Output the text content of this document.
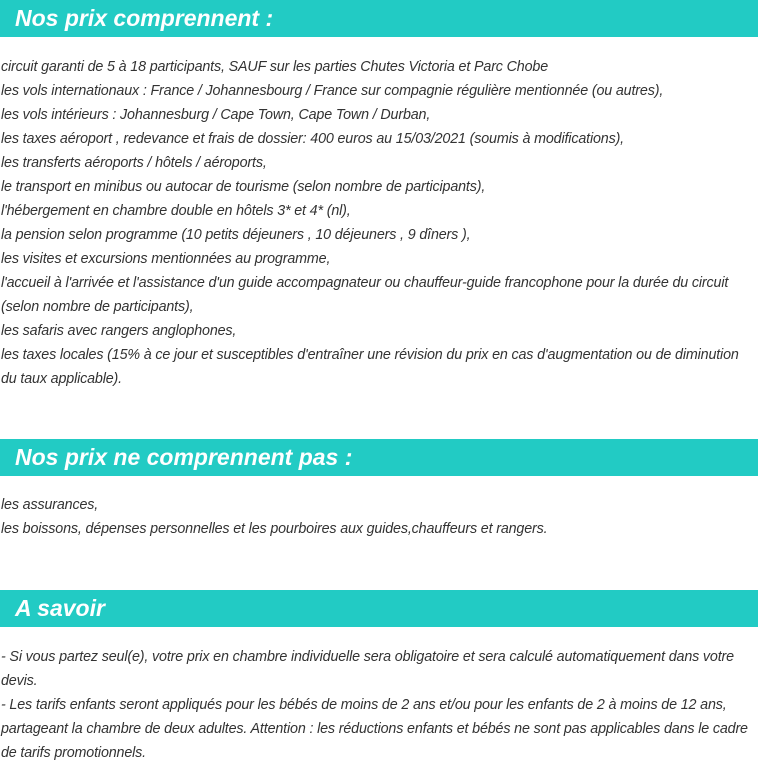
Nos prix comprennent :
circuit garanti de 5 à 18 participants, SAUF sur les parties Chutes Victoria et Parc Chobe
les vols internationaux : France / Johannesbourg / France sur compagnie régulière mentionnée (ou autres),
les vols intérieurs : Johannesburg / Cape Town, Cape Town / Durban,
les taxes aéroport , redevance et frais de dossier: 400 euros au 15/03/2021 (soumis à modifications),
les transferts aéroports / hôtels / aéroports,
le transport en minibus ou autocar de tourisme (selon nombre de participants),
l'hébergement en chambre double en hôtels 3* et 4* (nl),
la pension selon programme (10 petits déjeuners , 10 déjeuners , 9 dîners ),
les visites et excursions mentionnées au programme,
l'accueil à l'arrivée et l'assistance d'un guide accompagnateur ou chauffeur-guide francophone pour la durée du circuit
(selon nombre de participants),
les safaris avec rangers anglophones,
les taxes locales (15% à ce jour et susceptibles d'entraîner une révision du prix en cas d'augmentation ou de diminution
du taux applicable).
Nos prix ne comprennent pas :
les assurances,
les boissons, dépenses personnelles et les pourboires aux guides,chauffeurs et rangers.
A savoir
- Si vous partez seul(e), votre prix en chambre individuelle sera obligatoire et sera calculé automatiquement dans votre
devis.
- Les tarifs enfants seront appliqués pour les bébés de moins de 2 ans et/ou pour les enfants de 2 à moins de 12 ans,
partageant la chambre de deux adultes. Attention : les réductions enfants et bébés ne sont pas applicables dans le cadre
de tarifs promotionnels.
